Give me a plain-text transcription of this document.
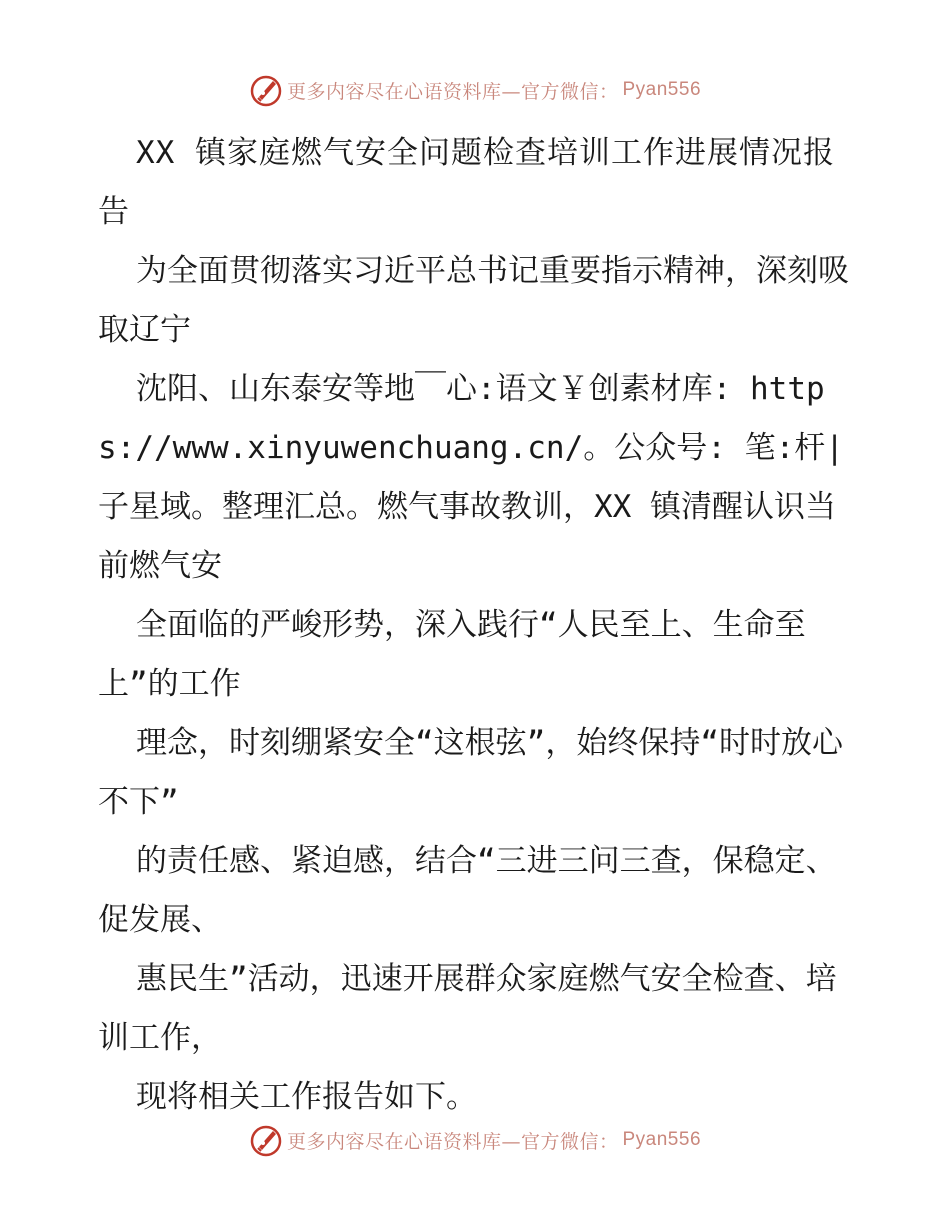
更多内容尽在心语资料库—官方微信： Pyan556

XX 镇家庭燃气安全问题检查培训工作进展情况报告

为全面贯彻落实习近平总书记重要指示精神，深刻吸取辽宁

沈阳、山东泰安等地￣心:语文￥创素材库: https://www.xinyuwenchuang.cn/。公众号: 笔:杆|子星域。整理汇总。燃气事故教训，XX 镇清醒认识当前燃气安

全面临的严峻形势，深入践行“人民至上、生命至上”的工作

理念，时刻绷紧安全“这根弦”，始终保持“时时放心不下”

的责任感、紧迫感，结合“三进三问三查，保稳定、促发展、

惠民生”活动，迅速开展群众家庭燃气安全检查、培训工作，

现将相关工作报告如下。

更多内容尽在心语资料库—官方微信： Pyan556
